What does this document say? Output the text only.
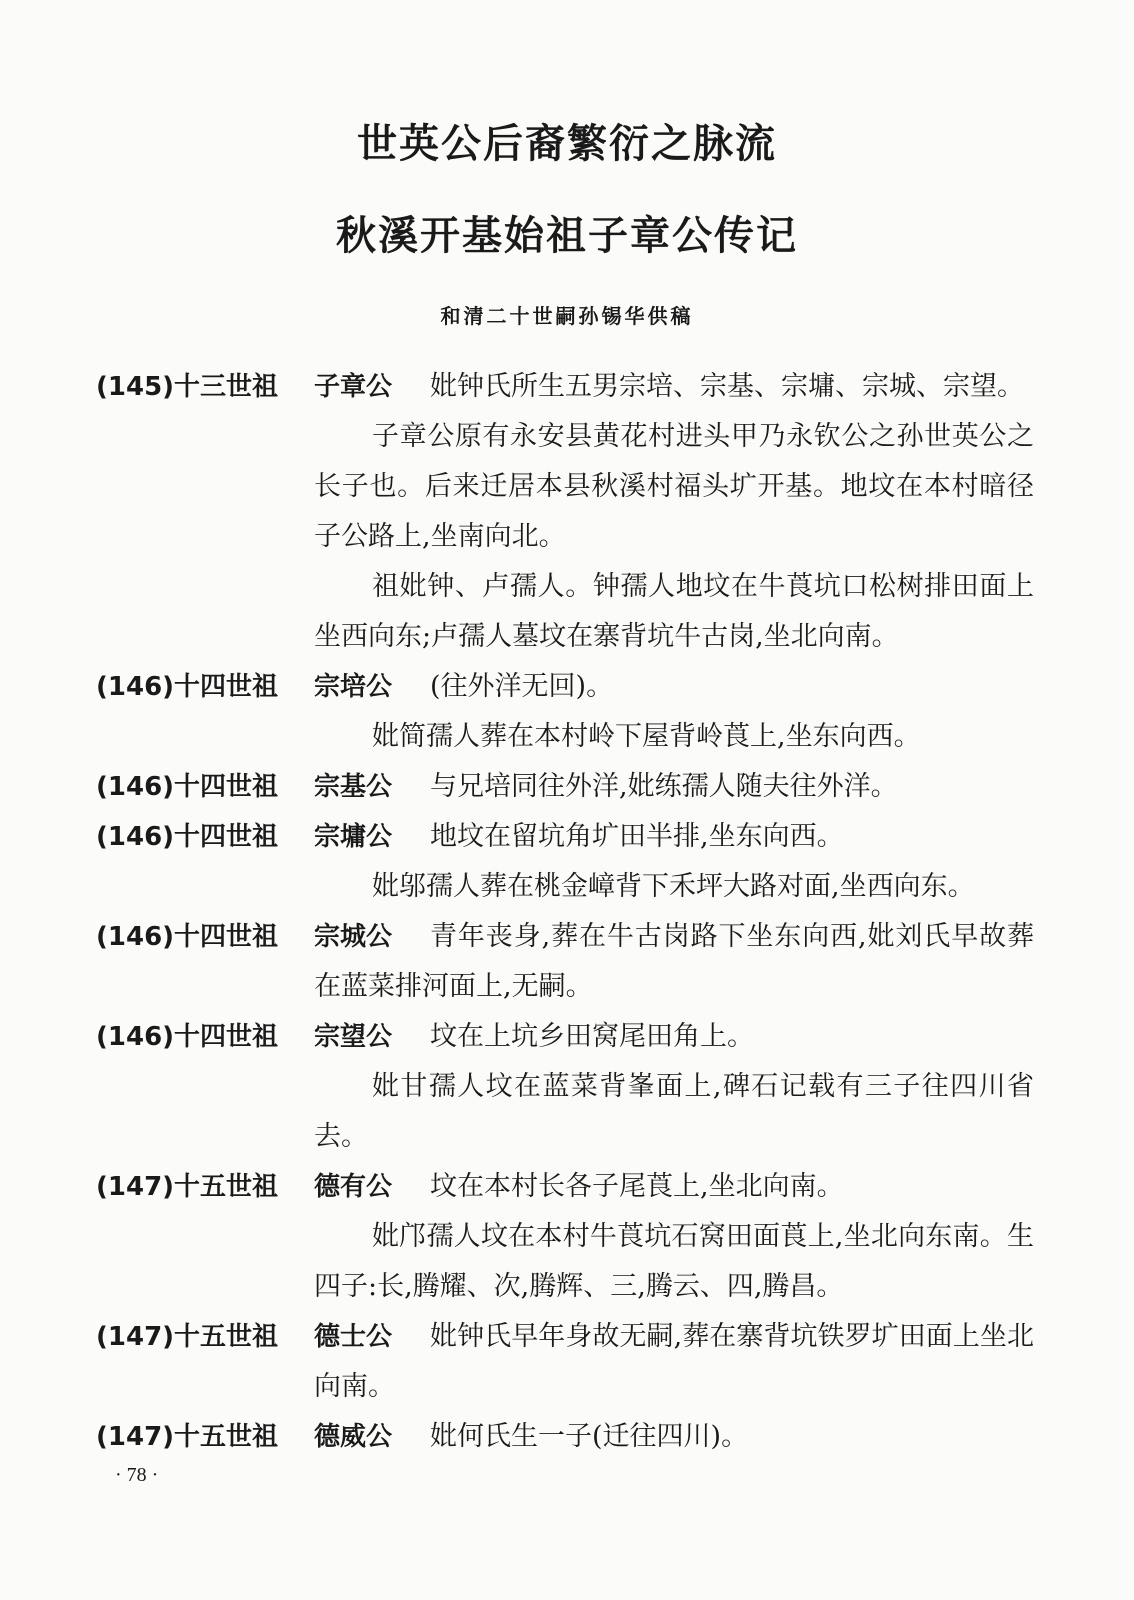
世英公后裔繁衍之脉流
秋溪开基始祖子章公传记
和清二十世嗣孙锡华供稿
(145)十三世祖	子章公	妣钟氏所生五男宗培、宗基、宗墉、宗城、宗望。
子章公原有永安县黄花村进头甲乃永钦公之孙世英公之长子也。后来迁居本县秋溪村福头圹开基。地坟在本村暗径子公路上,坐南向北。
祖妣钟、卢孺人。钟孺人地坟在牛莨坑口松树排田面上坐西向东;卢孺人墓坟在寨背坑牛古岗,坐北向南。
(146)十四世祖	宗培公	(往外洋无回)。
妣简孺人葬在本村岭下屋背岭莨上,坐东向西。
(146)十四世祖	宗基公	与兄培同往外洋,妣练孺人随夫往外洋。
(146)十四世祖	宗墉公	地坟在留坑角圹田半排,坐东向西。
妣邬孺人葬在桃金嶂背下禾坪大路对面,坐西向东。
(146)十四世祖	宗城公	青年丧身,葬在牛古岗路下坐东向西,妣刘氏早故葬在蓝菜排河面上,无嗣。
(146)十四世祖	宗望公	坟在上坑乡田窝尾田角上。
妣甘孺人坟在蓝菜背峯面上,碑石记载有三子往四川省去。
(147)十五世祖	德有公	坟在本村长各子尾莨上,坐北向南。
妣邝孺人坟在本村牛莨坑石窝田面莨上,坐北向东南。生四子:长,腾耀、次,腾辉、三,腾云、四,腾昌。
(147)十五世祖	德士公	妣钟氏早年身故无嗣,葬在寨背坑铁罗圹田面上坐北向南。
(147)十五世祖	德威公	妣何氏生一子(迁往四川)。
· 78 ·
